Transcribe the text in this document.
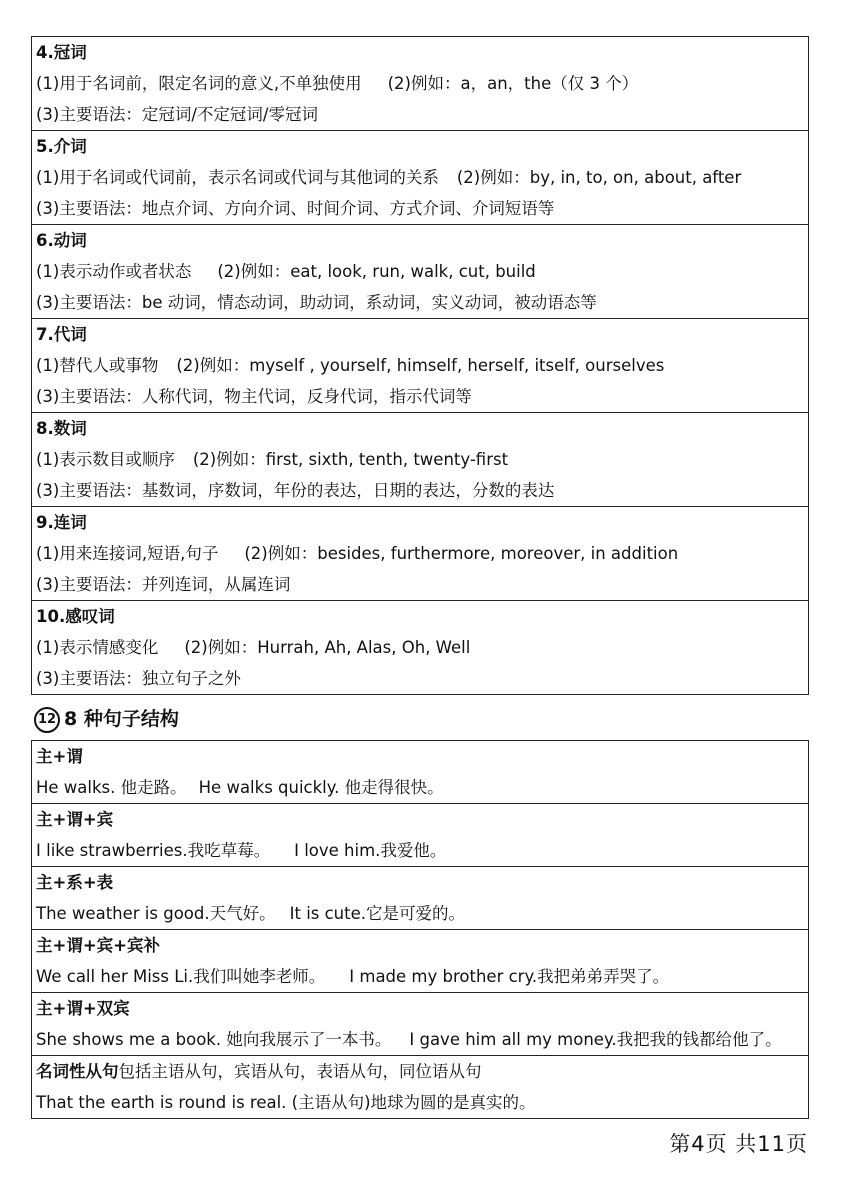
4.冠词
(1)用于名词前，限定名词的意义,不单独使用 (2)例如：a，an，the（仅 3 个）
(3)主要语法：定冠词/不定冠词/零冠词
5.介词
(1)用于名词或代词前，表示名词或代词与其他词的关系 (2)例如：by, in, to, on, about, after
(3)主要语法：地点介词、方向介词、时间介词、方式介词、介词短语等
6.动词
(1)表示动作或者状态 (2)例如：eat, look, run, walk, cut, build
(3)主要语法：be 动词，情态动词，助动词，系动词，实义动词，被动语态等
7.代词
(1)替代人或事物 (2)例如：myself , yourself, himself, herself, itself, ourselves
(3)主要语法：人称代词，物主代词，反身代词，指示代词等
8.数词
(1)表示数目或顺序 (2)例如：first, sixth, tenth, twenty-first
(3)主要语法：基数词，序数词，年份的表达，日期的表达，分数的表达
9.连词
(1)用来连接词,短语,句子 (2)例如：besides, furthermore, moreover, in addition
(3)主要语法：并列连词，从属连词
10.感叹词
(1)表示情感变化 (2)例如：Hurrah, Ah, Alas, Oh, Well
(3)主要语法：独立句子之外
12 8 种句子结构
主+谓
He walks. 他走路。 He walks quickly. 他走得很快。
主+谓+宾
I like strawberries.我吃草莓。 I love him.我爱他。
主+系+表
The weather is good.天气好。 It is cute.它是可爱的。
主+谓+宾+宾补
We call her Miss Li.我们叫她李老师。 I made my brother cry.我把弟弟弄哭了。
主+谓+双宾
She shows me a book. 她向我展示了一本书。 I gave him all my money.我把我的钱都给他了。
名词性从句包括主语从句，宾语从句，表语从句，同位语从句
That the earth is round is real. (主语从句)地球为圆的是真实的。
第4页 共11页
